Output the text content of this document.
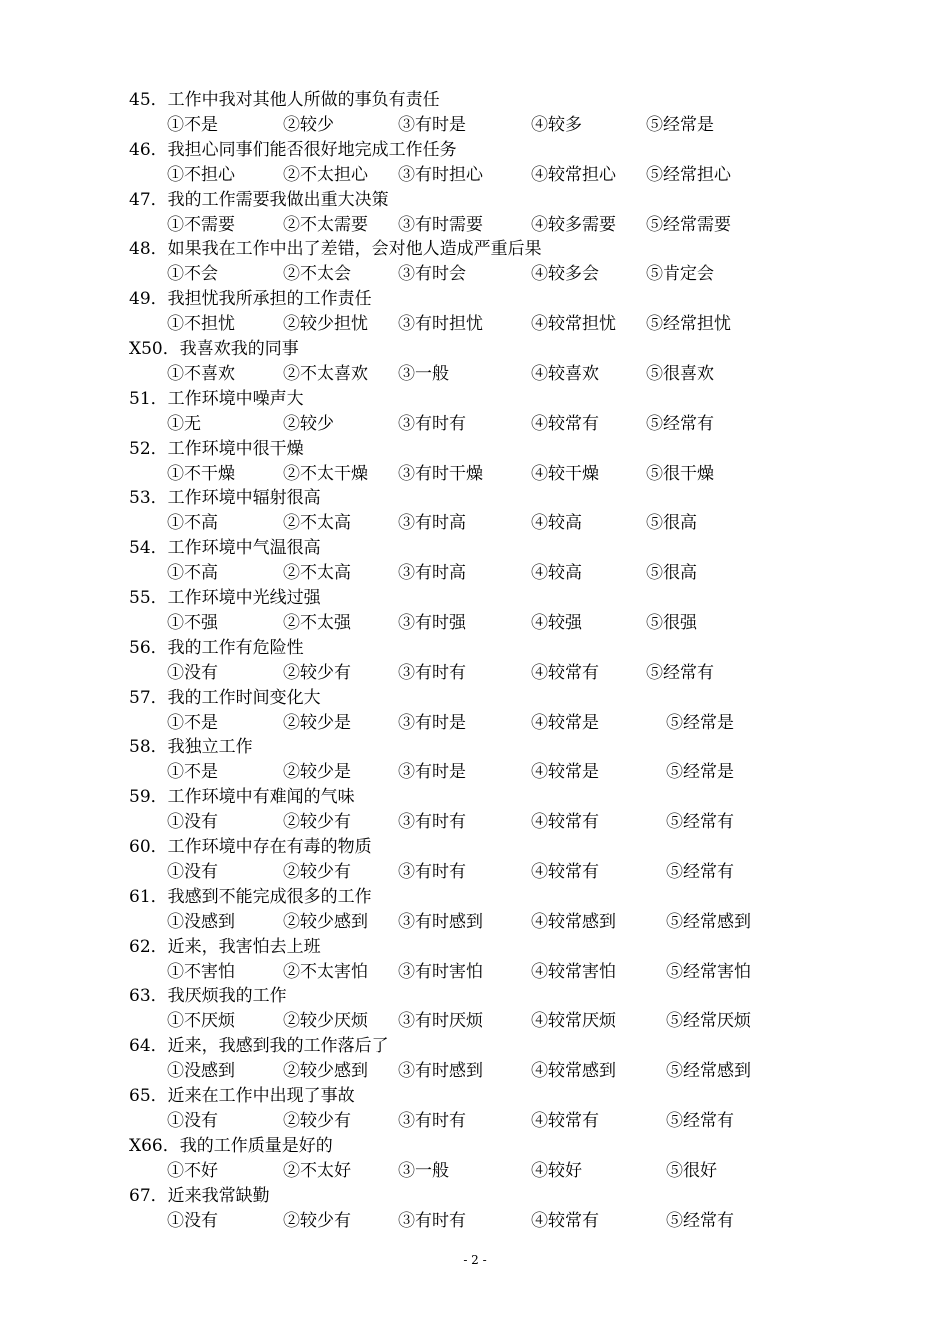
45．工作中我对其他人所做的事负有责任
①不是	②较少	③有时是	④较多	⑤经常是
46．我担心同事们能否很好地完成工作任务
①不担心	②不太担心 ③有时担心	④较常担心 ⑤经常担心
47．我的工作需要我做出重大决策
①不需要	②不太需要 ③有时需要	④较多需要 ⑤经常需要
48．如果我在工作中出了差错，会对他人造成严重后果
①不会	②不太会	③有时会	④较多会	⑤肯定会
49．我担忧我所承担的工作责任
①不担忧	②较少担忧 ③有时担忧	④较常担忧 ⑤经常担忧
X50．我喜欢我的同事
①不喜欢	②不太喜欢 ③一般	④较喜欢	⑤很喜欢
51．工作环境中噪声大
①无	②较少	③有时有	④较常有	⑤经常有
52．工作环境中很干燥
①不干燥	②不太干燥 ③有时干燥	④较干燥	⑤很干燥
53．工作环境中辐射很高
①不高	②不太高	③有时高	④较高	⑤很高
54．工作环境中气温很高
①不高	②不太高	③有时高	④较高	⑤很高
55．工作环境中光线过强
①不强	②不太强	③有时强	④较强	⑤很强
56．我的工作有危险性
①没有	②较少有	③有时有	④较常有	⑤经常有
57．我的工作时间变化大
①不是	②较少是	③有时是	④较常是	⑤经常是
58．我独立工作
①不是	②较少是	③有时是	④较常是	⑤经常是
59．工作环境中有难闻的气味
①没有	②较少有	③有时有	④较常有	⑤经常有
60．工作环境中存在有毒的物质
①没有	②较少有	③有时有	④较常有	⑤经常有
61．我感到不能完成很多的工作
①没感到	②较少感到 ③有时感到	④较常感到	⑤经常感到
62．近来，我害怕去上班
①不害怕	②不太害怕 ③有时害怕	④较常害怕	⑤经常害怕
63．我厌烦我的工作
①不厌烦	②较少厌烦 ③有时厌烦	④较常厌烦	⑤经常厌烦
64．近来，我感到我的工作落后了
①没感到	②较少感到 ③有时感到	④较常感到	⑤经常感到
65．近来在工作中出现了事故
①没有	②较少有	③有时有	④较常有	⑤经常有
X66．我的工作质量是好的
①不好	②不太好	③一般	④较好	⑤很好
67．近来我常缺勤
①没有	②较少有	③有时有	④较常有	⑤经常有
- 2 -
